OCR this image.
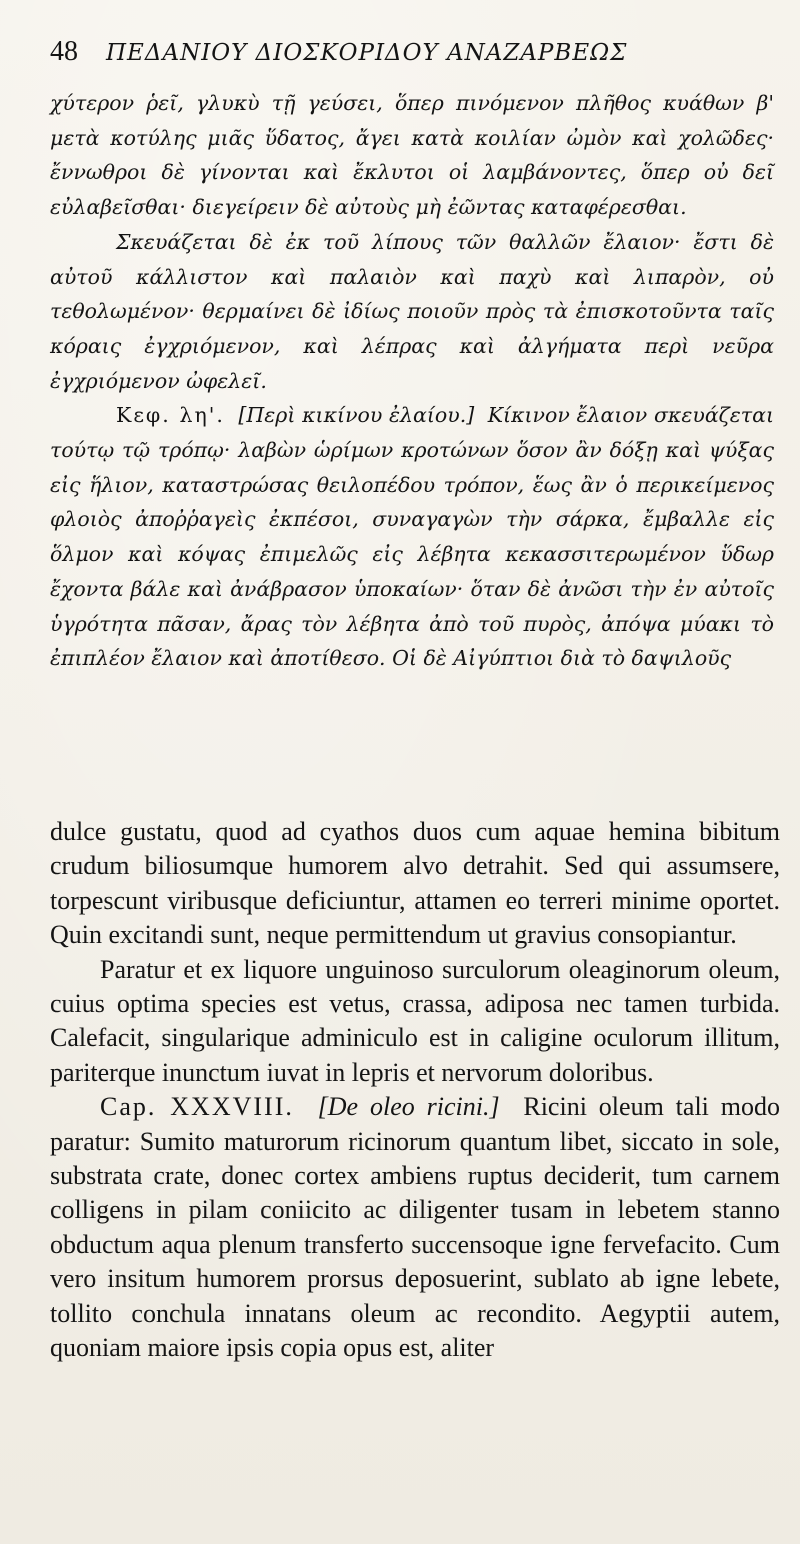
48 ΠΕΔΑΝΙΟΥ ΔΙΟΣΚΟΡΙΔΟΥ ΑΝΑΖΑΡΒΕΩΣ

χύτερον ῥεῖ, γλυκὺ τῇ γεύσει, ὅπερ πινόμενον πλῆθος κυάθων β' μετὰ κοτύλης μιᾶς ὕδατος, ἄγει κατὰ κοιλίαν ὠμὸν καὶ χολῶδες· ἔννωθροι δὲ γίνονται καὶ ἔκλυτοι οἱ λαμβάνοντες, ὅπερ οὐ δεῖ εὐλαβεῖσθαι· διεγείρειν δὲ αὐτοὺς μὴ ἐῶντας καταφέρεσθαι.

Σκευάζεται δὲ ἐκ τοῦ λίπους τῶν θαλλῶν ἔλαιον· ἔστι δὲ αὐτοῦ κάλλιστον καὶ παλαιὸν καὶ παχὺ καὶ λιπαρὸν, οὐ τεθολωμένον· θερμαίνει δὲ ἰδίως ποιοῦν πρὸς τὰ ἐπισκοτοῦντα ταῖς κόραις ἐγχριόμενον, καὶ λέπρας καὶ ἀλγήματα περὶ νεῦρα ἐγχριόμενον ὠφελεῖ.

Κεφ. λη'. [Περὶ κικίνου ἐλαίου.] Κίκινον ἔλαιον σκευάζεται τούτῳ τῷ τρόπῳ· λαβὼν ὡρίμων κροτώνων ὅσον ἂν δόξῃ καὶ ψύξας εἰς ἥλιον, καταστρώσας θειλοπέδου τρόπον, ἕως ἂν ὁ περικείμενος φλοιὸς ἀποῤῥαγεὶς ἐκπέσοι, συναγαγὼν τὴν σάρκα, ἔμβαλλε εἰς ὅλμον καὶ κόψας ἐπιμελῶς εἰς λέβητα κεκασσιτερωμένον ὕδωρ ἔχοντα βάλε καὶ ἀνάβρασον ὑποκαίων· ὅταν δὲ ἀνῶσι τὴν ἐν αὐτοῖς ὑγρότητα πᾶσαν, ἄρας τὸν λέβητα ἀπὸ τοῦ πυρὸς, ἀπόψα μύακι τὸ ἐπιπλέον ἔλαιον καὶ ἀποτίθεσο. Οἱ δὲ Αἰγύπτιοι διὰ τὸ δαψιλοῦς

dulce gustatu, quod ad cyathos duos cum aquae hemina bibitum crudum biliosumque humorem alvo detrahit. Sed qui assumsere, torpescunt viribusque deficiuntur, attamen eo terreri minime oportet. Quin excitandi sunt, neque permittendum ut gravius consopiantur.

Paratur et ex liquore unguinoso surculorum oleaginorum oleum, cuius optima species est vetus, crassa, adiposa nec tamen turbida. Calefacit, singularique adminiculo est in caligine oculorum illitum, pariterque inunctum iuvat in lepris et nervorum doloribus.

Cap. XXXVIII. [De oleo ricini.] Ricini oleum tali modo paratur: Sumito maturorum ricinorum quantum libet, siccato in sole, substrata crate, donec cortex ambiens ruptus deciderit, tum carnem colligens in pilam coniicito ac diligenter tusam in lebetem stanno obductum aqua plenum transferto succensoque igne fervefacito. Cum vero insitum humorem prorsus deposuerint, sublato ab igne lebete, tollito conchula innatans oleum ac recondito. Aegyptii autem, quoniam maiore ipsis copia opus est, aliter
